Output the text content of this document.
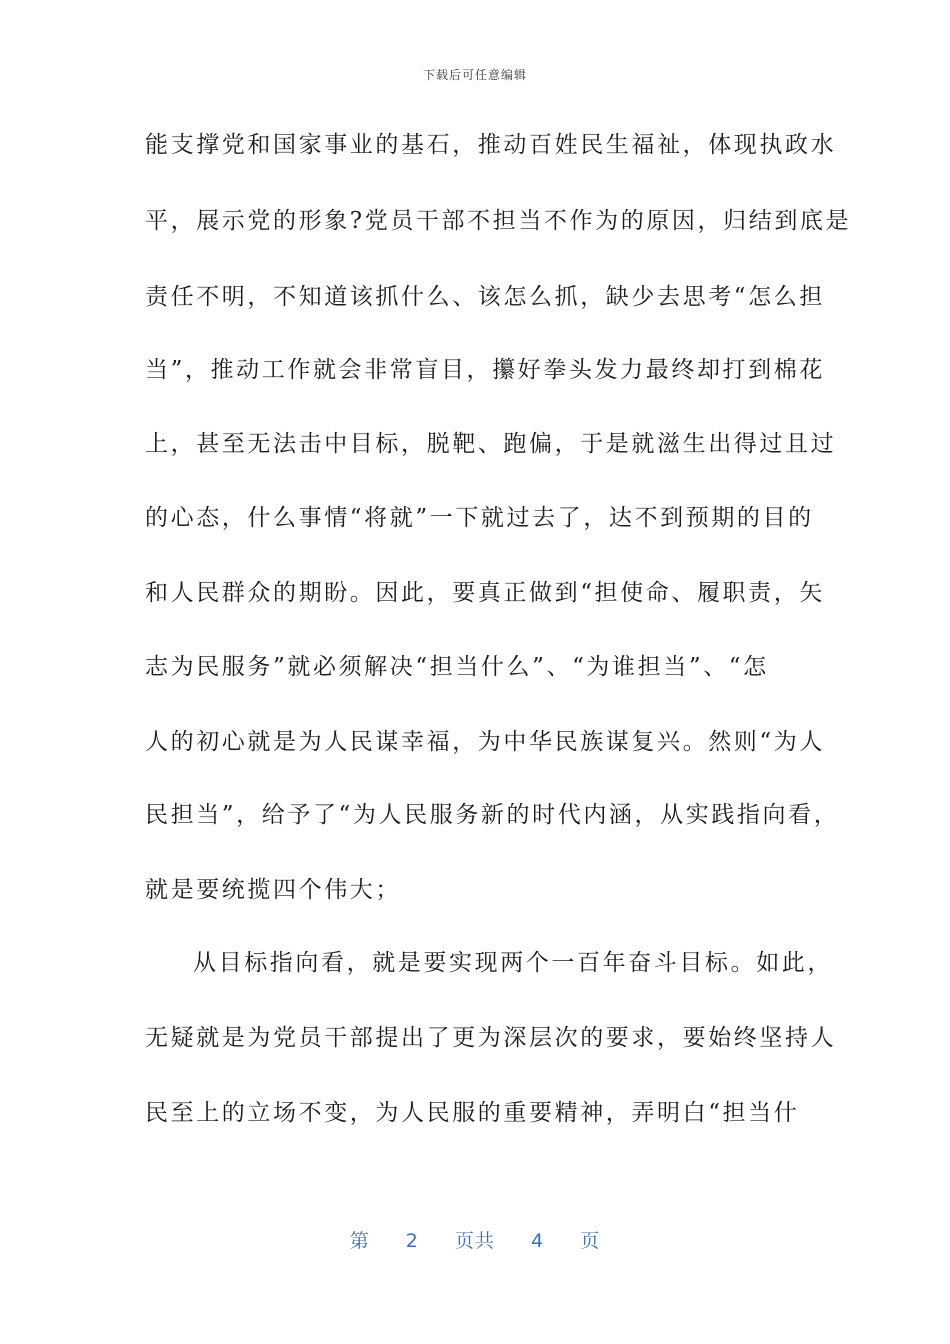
下载后可任意编辑
能支撑党和国家事业的基石，推动百姓民生福祉，体现执政水
平，展示党的形象?党员干部不担当不作为的原因，归结到底是
责任不明，不知道该抓什么、该怎么抓，缺少去思考“怎么担
当”，推动工作就会非常盲目，攥好拳头发力最终却打到棉花
上，甚至无法击中目标，脱靶、跑偏，于是就滋生出得过且过
的心态，什么事情“将就”一下就过去了，达不到预期的目的
和人民群众的期盼。因此，要真正做到“担使命、履职责，矢
志为民服务”就必须解决“担当什么”、“为谁担当”、“怎
人的初心就是为人民谋幸福，为中华民族谋复兴。然则“为人
民担当”，给予了“为人民服务新的时代内涵，从实践指向看，
就是要统揽四个伟大；
从目标指向看，就是要实现两个一百年奋斗目标。如此，
无疑就是为党员干部提出了更为深层次的要求，要始终坚持人
民至上的立场不变，为人民服的重要精神，弄明白“担当什
第 2 页共 4 页
